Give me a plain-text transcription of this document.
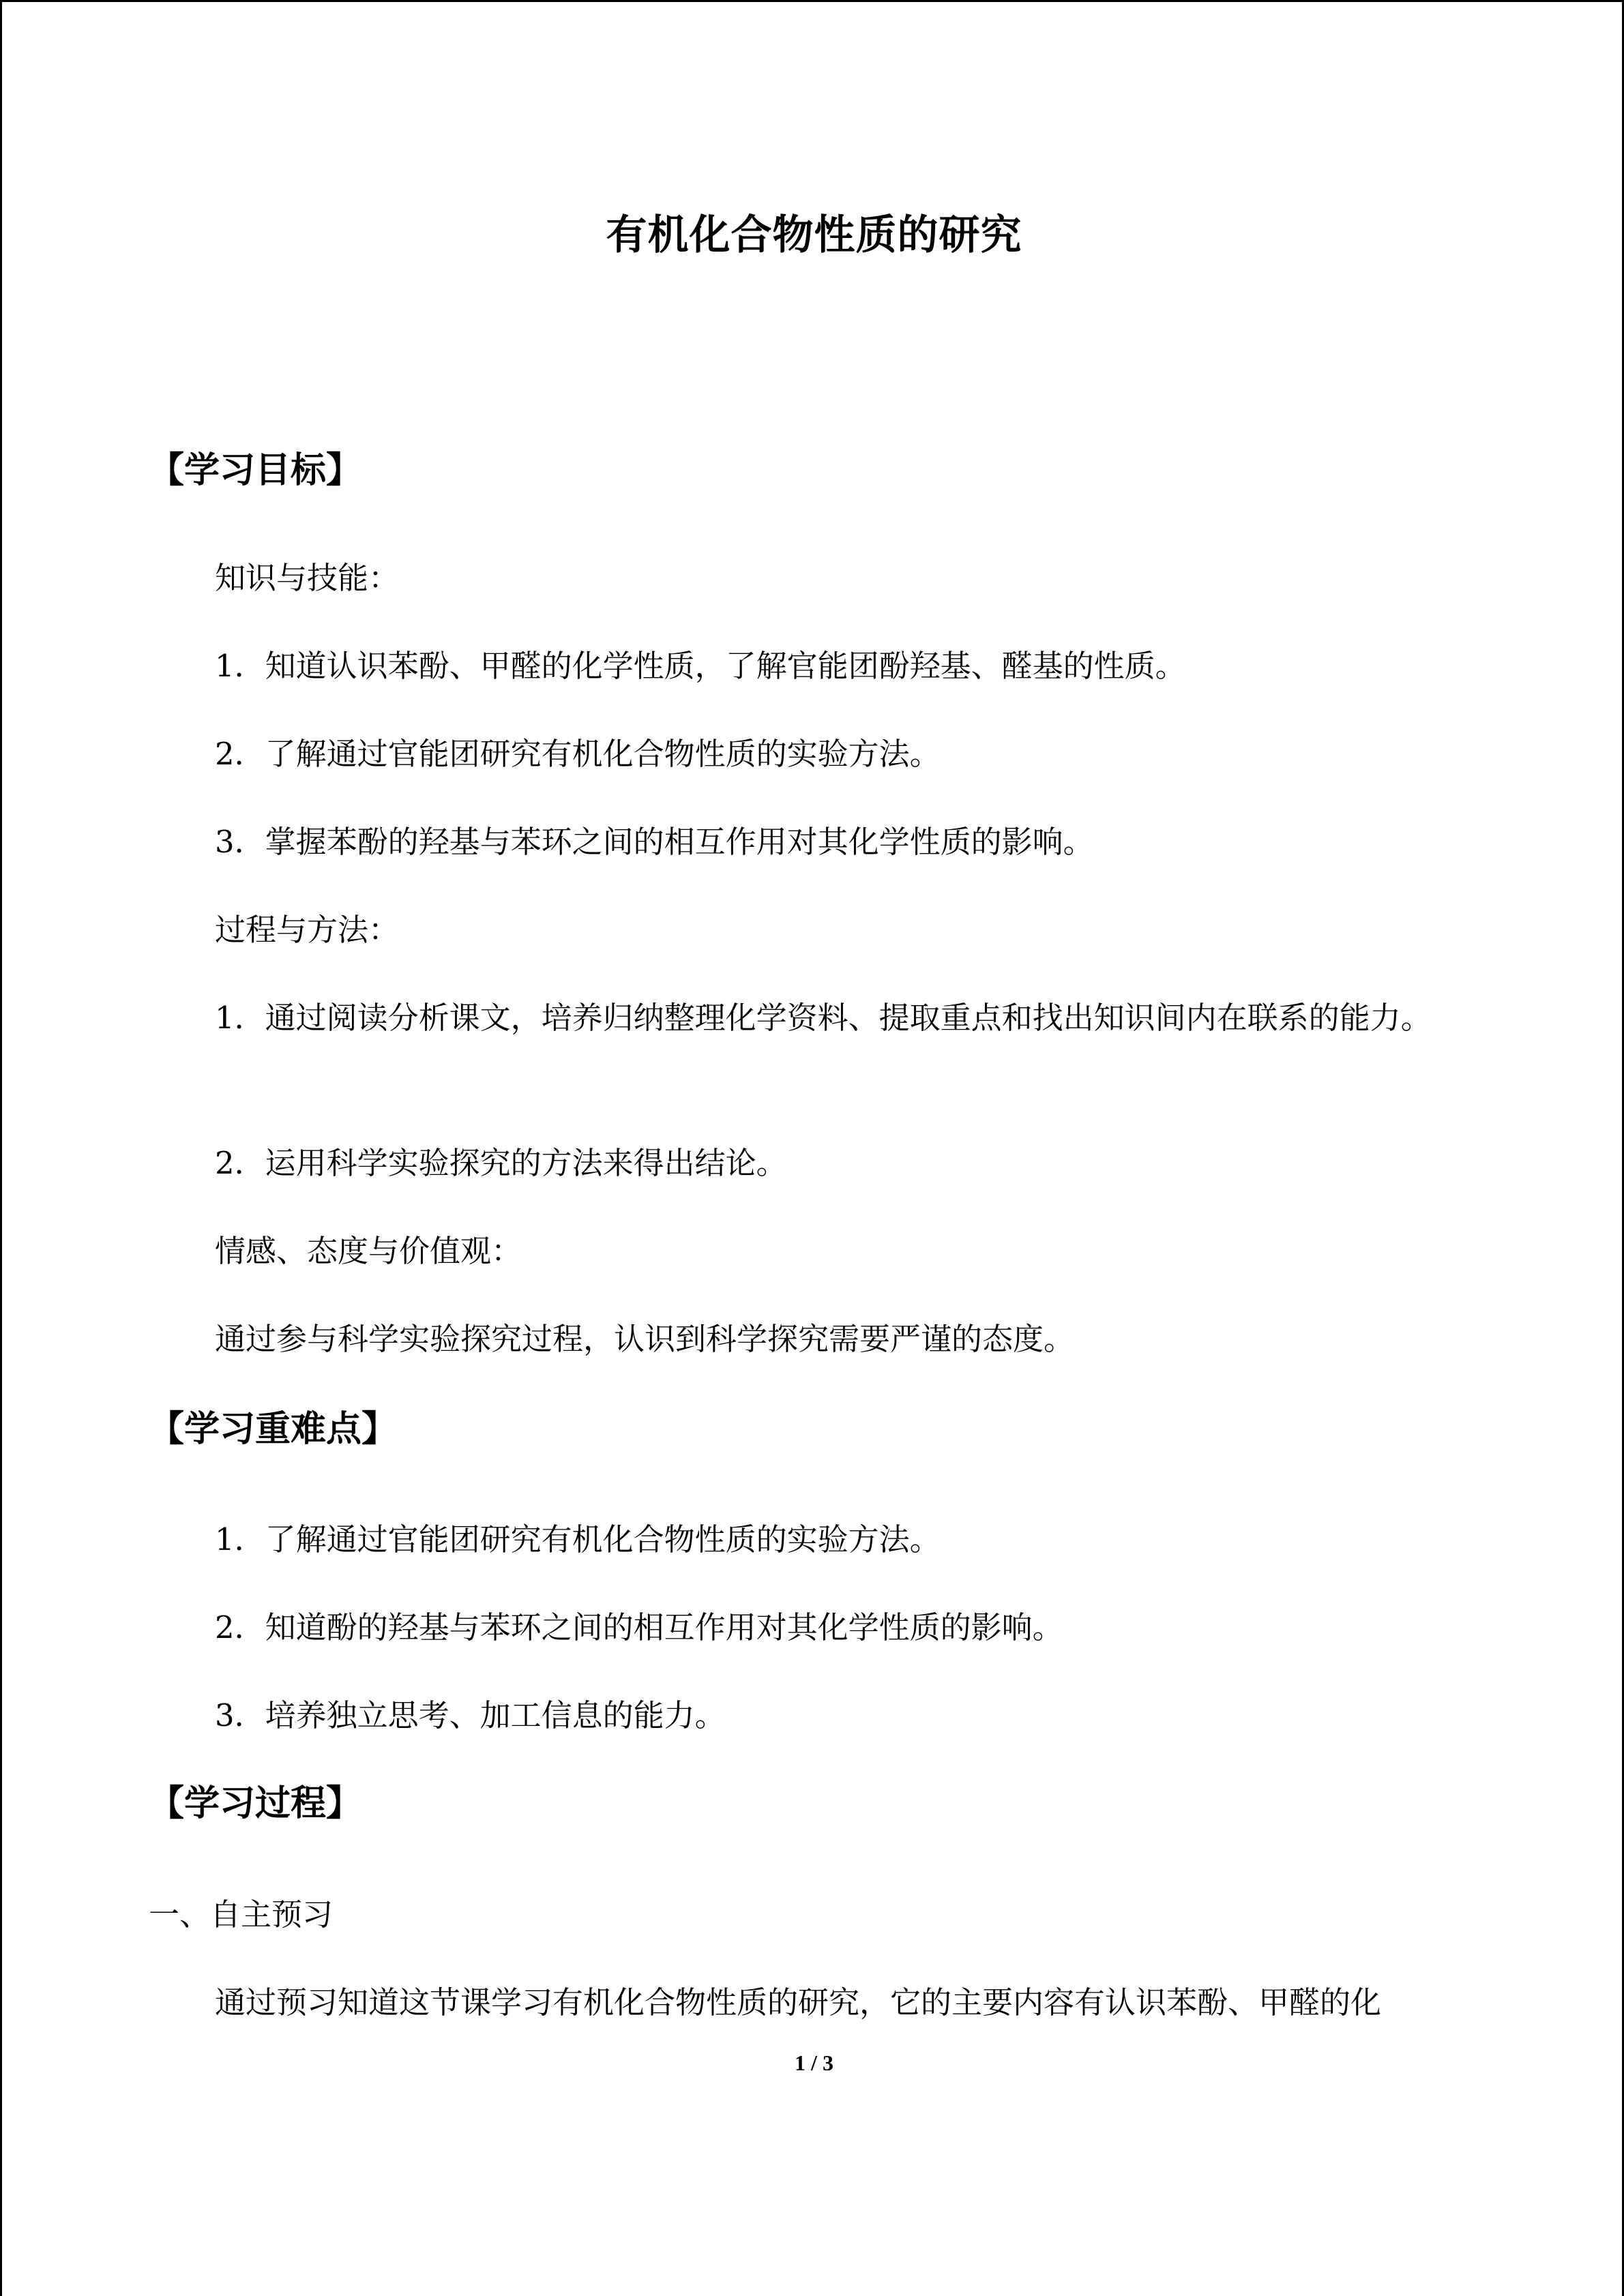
有机化合物性质的研究
【学习目标】
知识与技能：
1．知道认识苯酚、甲醛的化学性质，了解官能团酚羟基、醛基的性质。
2．了解通过官能团研究有机化合物性质的实验方法。
3．掌握苯酚的羟基与苯环之间的相互作用对其化学性质的影响。
过程与方法：
1．通过阅读分析课文，培养归纳整理化学资料、提取重点和找出知识间内在联系的能力。
2．运用科学实验探究的方法来得出结论。
情感、态度与价值观：
通过参与科学实验探究过程，认识到科学探究需要严谨的态度。
【学习重难点】
1．了解通过官能团研究有机化合物性质的实验方法。
2．知道酚的羟基与苯环之间的相互作用对其化学性质的影响。
3．培养独立思考、加工信息的能力。
【学习过程】
一、自主预习
通过预习知道这节课学习有机化合物性质的研究，它的主要内容有认识苯酚、甲醛的化
1 / 3
